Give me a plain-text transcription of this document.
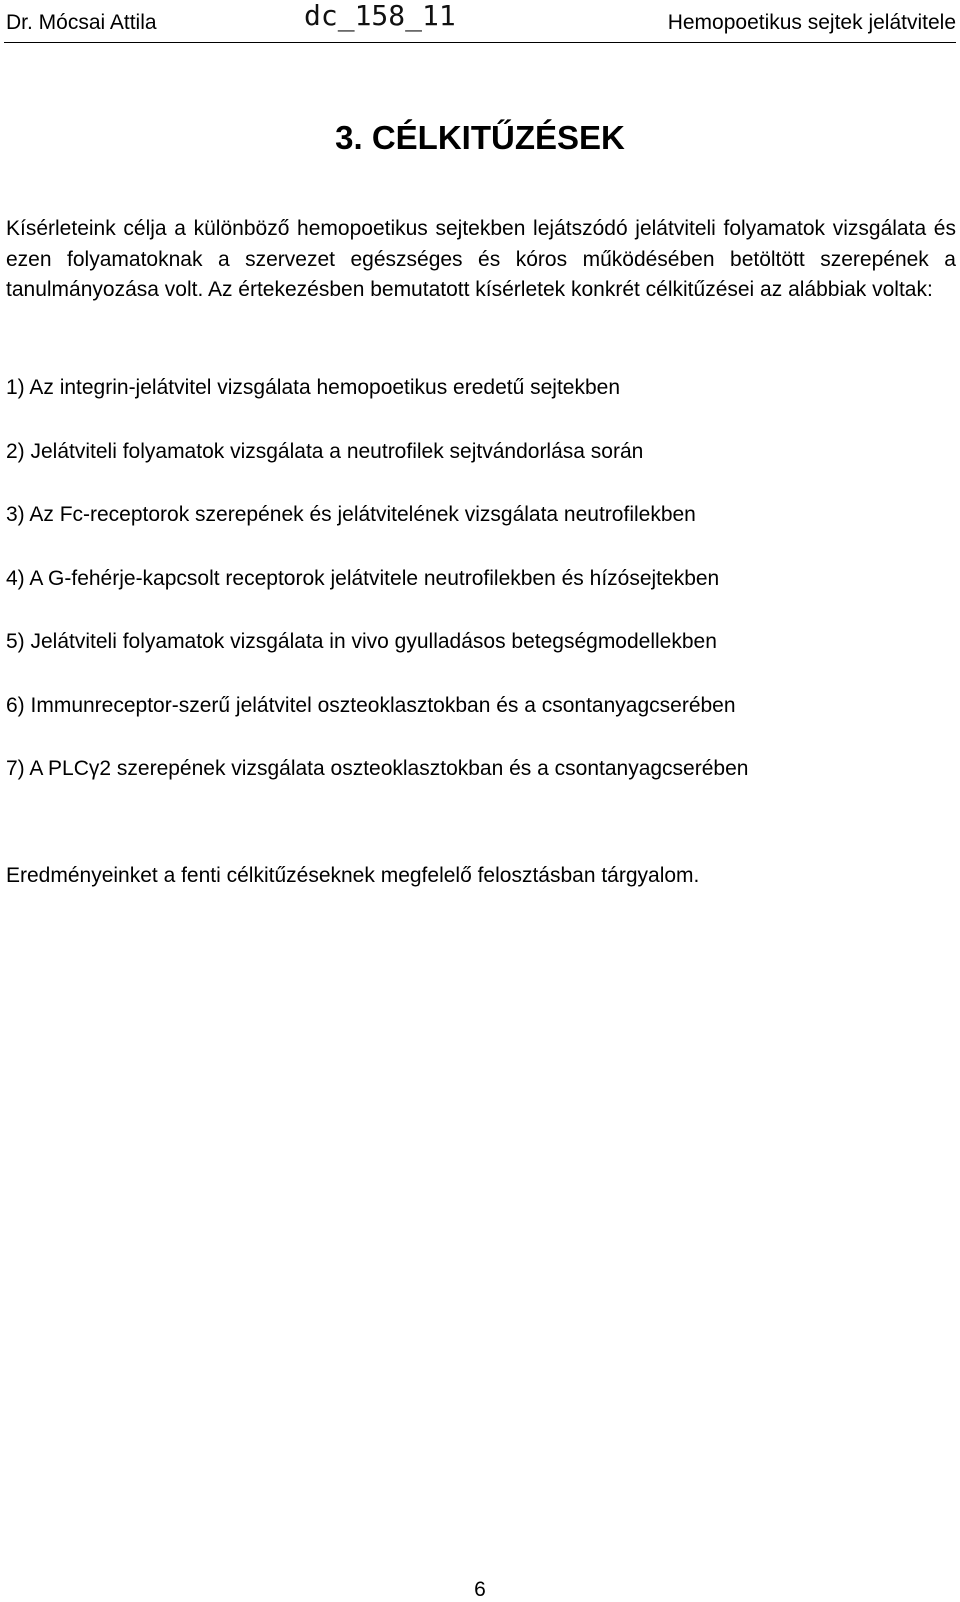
Dr. Mócsai Attila	dc_158_11	Hemopoetikus sejtek jelátvitele
3. CÉLKITŰZÉSEK

Kísérleteink célja a különböző hemopoetikus sejtekben lejátszódó jelátviteli folyamatok vizsgálata és ezen folyamatoknak a szervezet egészséges és kóros működésében betöltött szerepének a tanulmányozása volt. Az értekezésben bemutatott kísérletek konkrét célkitűzései az alábbiak voltak:

1) Az integrin-jelátvitel vizsgálata hemopoetikus eredetű sejtekben
2) Jelátviteli folyamatok vizsgálata a neutrofilek sejtvándorlása során
3) Az Fc-receptorok szerepének és jelátvitelének vizsgálata neutrofilekben
4) A G-fehérje-kapcsolt receptorok jelátvitele neutrofilekben és hízósejtekben
5) Jelátviteli folyamatok vizsgálata in vivo gyulladásos betegségmodellekben
6) Immunreceptor-szerű jelátvitel oszteoklasztokban és a csontanyagcserében
7) A PLCγ2 szerepének vizsgálata oszteoklasztokban és a csontanyagcserében

Eredményeinket a fenti célkitűzéseknek megfelelő felosztásban tárgyalom.

6
